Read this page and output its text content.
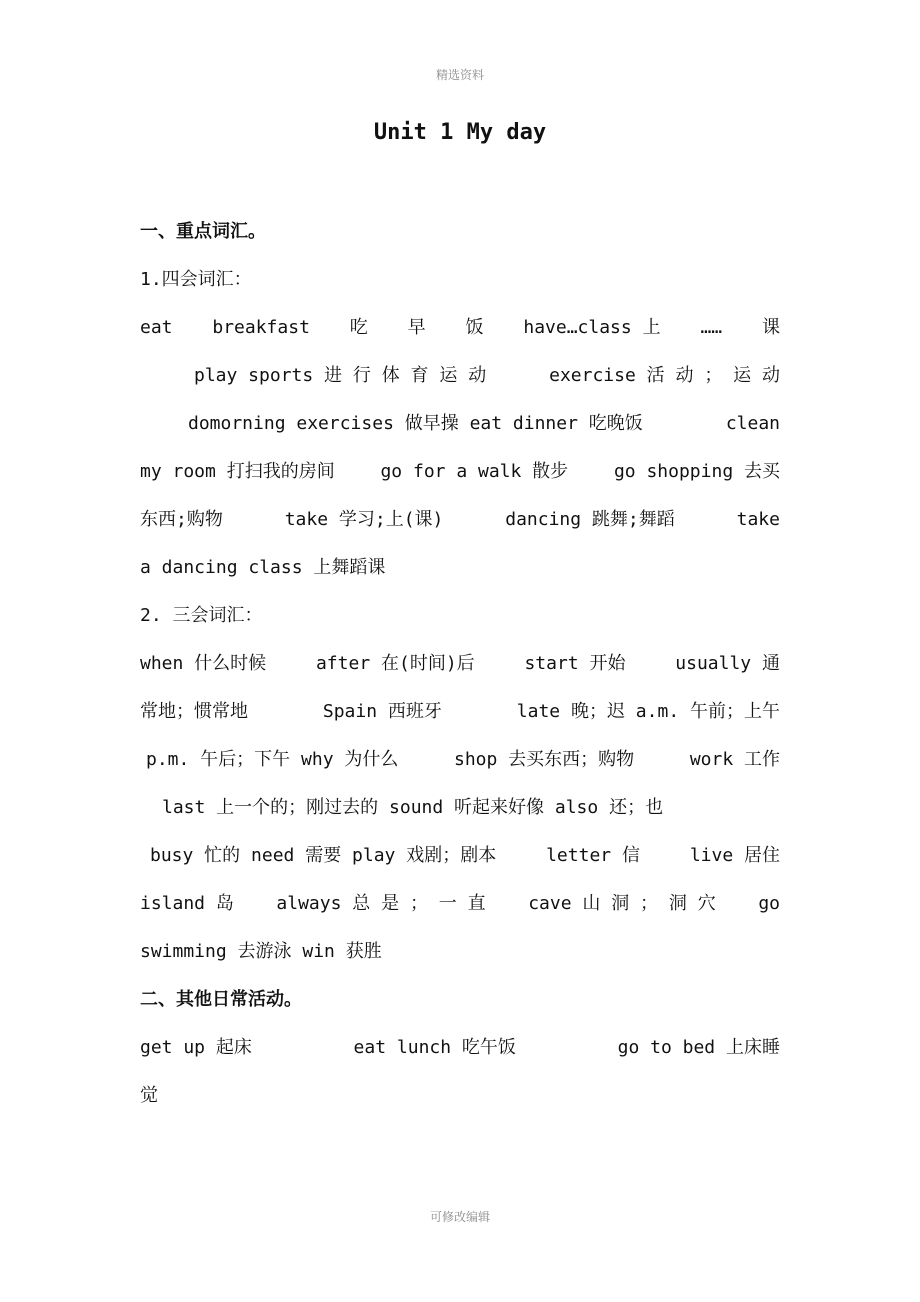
精选资料
Unit 1 My day
一、重点词汇。
1.四会词汇：
eat breakfast 吃 早 饭 have…class 上 …… 课
play sports 进 行 体 育 运 动	exercise 活 动 ； 运 动
domorning exercises 做早操 eat dinner 吃晚饭	clean
my room 打扫我的房间	go for a walk 散步	go shopping 去买
东西;购物	take 学习;上(课)	dancing 跳舞;舞蹈	take
a dancing class 上舞蹈课
2. 三会词汇：
when 什么时候	after 在(时间)后	start 开始	usually 通
常地；惯常地	Spain 西班牙	late 晚；迟 a.m. 午前；上午
p.m. 午后；下午 why 为什么	shop 去买东西；购物	work 工作
last 上一个的；刚过去的 sound 听起来好像 also 还；也
busy 忙的 need 需要 play 戏剧；剧本	letter 信	live 居住
island 岛 always 总 是 ； 一 直 cave 山 洞 ； 洞 穴 go
swimming 去游泳 win 获胜
二、其他日常活动。
get up 起床	eat lunch 吃午饭	go to bed 上床睡
觉
可修改编辑
